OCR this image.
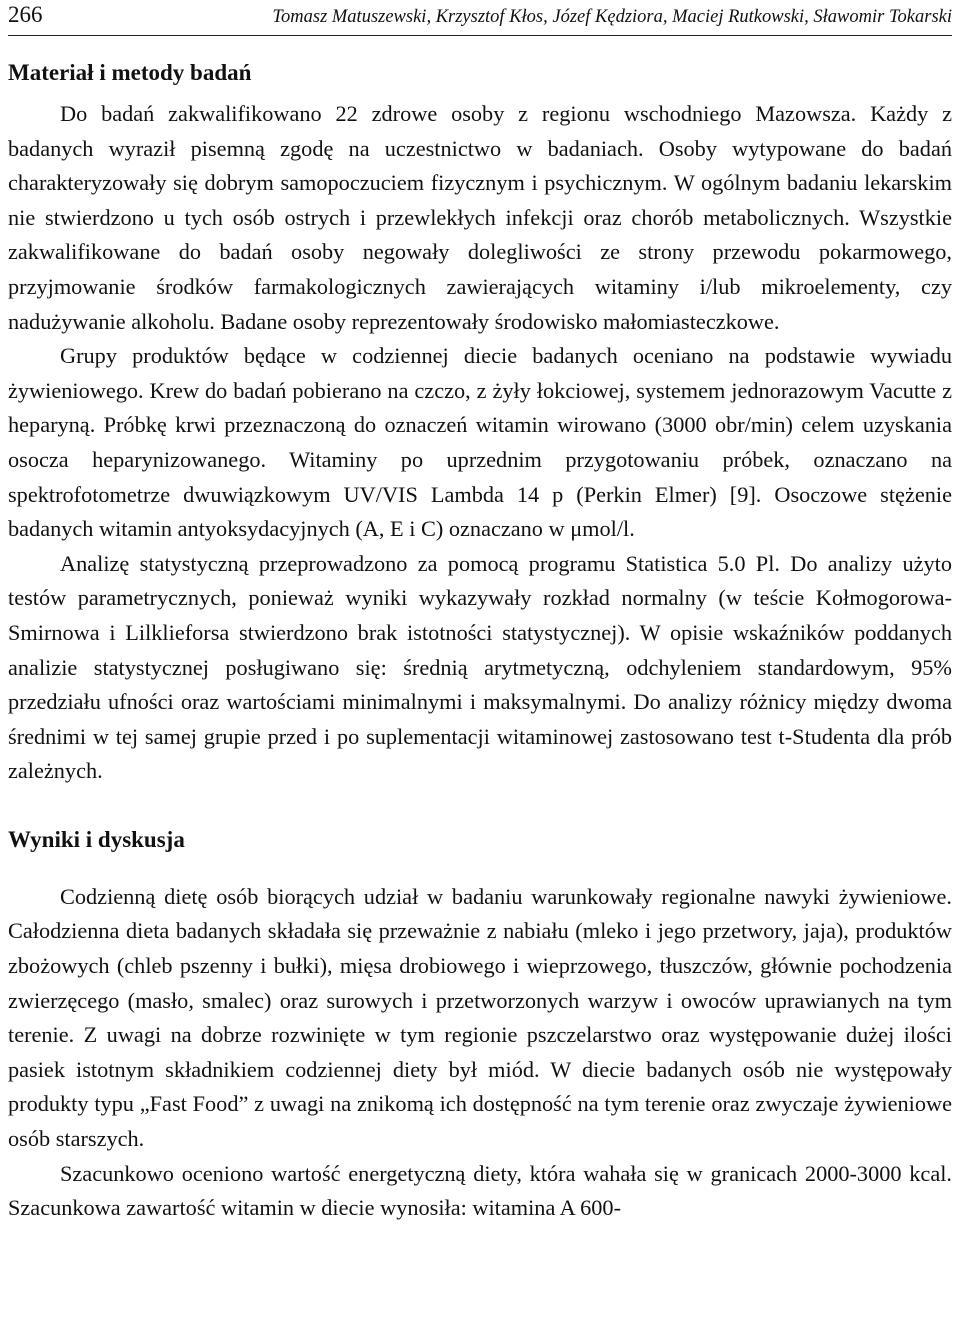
266	Tomasz Matuszewski, Krzysztof Kłos, Józef Kędziora, Maciej Rutkowski, Sławomir Tokarski
Materiał i metody badań

Do badań zakwalifikowano 22 zdrowe osoby z regionu wschodniego Mazowsza. Każdy z badanych wyraził pisemną zgodę na uczestnictwo w badaniach. Osoby wytypowane do badań charakteryzowały się dobrym samopoczuciem fizycznym i psychicznym. W ogólnym badaniu lekarskim nie stwierdzono u tych osób ostrych i przewlekłych infekcji oraz chorób metabolicznych. Wszystkie zakwalifikowane do badań osoby negowały dolegliwości ze strony przewodu pokarmowego, przyjmowanie środków farmakologicznych zawierających witaminy i/lub mikroelementy, czy nadużywanie alkoholu. Badane osoby reprezentowały środowisko małomiasteczkowe.

Grupy produktów będące w codziennej diecie badanych oceniano na podstawie wywiadu żywieniowego. Krew do badań pobierano na czczo, z żyły łokciowej, systemem jednorazowym Vacutte z heparyną. Próbkę krwi przeznaczoną do oznaczeń witamin wirowano (3000 obr/min) celem uzyskania osocza heparynizowanego. Witaminy po uprzednim przygotowaniu próbek, oznaczano na spektrofotometrze dwuwiązkowym UV/VIS Lambda 14 p (Perkin Elmer) [9]. Osoczowe stężenie badanych witamin antyoksydacyjnych (A, E i C) oznaczano w μmol/l.

Analizę statystyczną przeprowadzono za pomocą programu Statistica 5.0 Pl. Do analizy użyto testów parametrycznych, ponieważ wyniki wykazywały rozkład normalny (w teście Kołmogorowa-Smirnowa i Lilklieforsa stwierdzono brak istotności statystycznej). W opisie wskaźników poddanych analizie statystycznej posługiwano się: średnią arytmetyczną, odchyleniem standardowym, 95% przedziału ufności oraz wartościami minimalnymi i maksymalnymi. Do analizy różnicy między dwoma średnimi w tej samej grupie przed i po suplementacji witaminowej zastosowano test t-Studenta dla prób zależnych.

Wyniki i dyskusja

Codzienną dietę osób biorących udział w badaniu warunkowały regionalne nawyki żywieniowe. Całodzienna dieta badanych składała się przeważnie z nabiału (mleko i jego przetwory, jaja), produktów zbożowych (chleb pszenny i bułki), mięsa drobiowego i wieprzowego, tłuszczów, głównie pochodzenia zwierzęcego (masło, smalec) oraz surowych i przetworzonych warzyw i owoców uprawianych na tym terenie. Z uwagi na dobrze rozwinięte w tym regionie pszczelarstwo oraz występowanie dużej ilości pasiek istotnym składnikiem codziennej diety był miód. W diecie badanych osób nie występowały produkty typu „Fast Food” z uwagi na znikomą ich dostępność na tym terenie oraz zwyczaje żywieniowe osób starszych.

Szacunkowo oceniono wartość energetyczną diety, która wahała się w granicach 2000-3000 kcal. Szacunkowa zawartość witamin w diecie wynosiła: witamina A 600-
